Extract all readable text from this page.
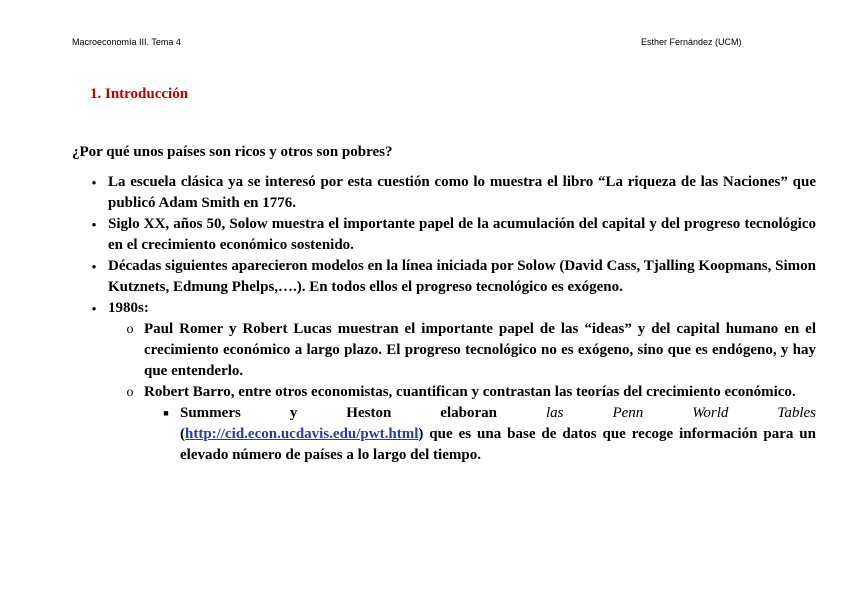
Macroeconomía III. Tema 4	Esther Fernández (UCM)
1. Introducción
¿Por qué unos países son ricos y otros son pobres?
• La escuela clásica ya se interesó por esta cuestión como lo muestra el libro “La riqueza de las Naciones” que publicó Adam Smith en 1776.
• Siglo XX, años 50, Solow muestra el importante papel de la acumulación del capital y del progreso tecnológico en el crecimiento económico sostenido.
• Décadas siguientes aparecieron modelos en la línea iniciada por Solow (David Cass, Tjalling Koopmans, Simon Kutznets, Edmung Phelps,….). En todos ellos el progreso tecnológico es exógeno.
• 1980s:
o Paul Romer y Robert Lucas muestran el importante papel de las “ideas” y del capital humano en el crecimiento económico a largo plazo. El progreso tecnológico no es exógeno, sino que es endógeno, y hay que entenderlo.
o Robert Barro, entre otros economistas, cuantifican y contrastan las teorías del crecimiento económico.
■ Summers	y	Heston	elaboran	las	Penn	World	Tables
(http://cid.econ.ucdavis.edu/pwt.html) que es una base de datos que recoge información para un elevado número de países a lo largo del tiempo.
